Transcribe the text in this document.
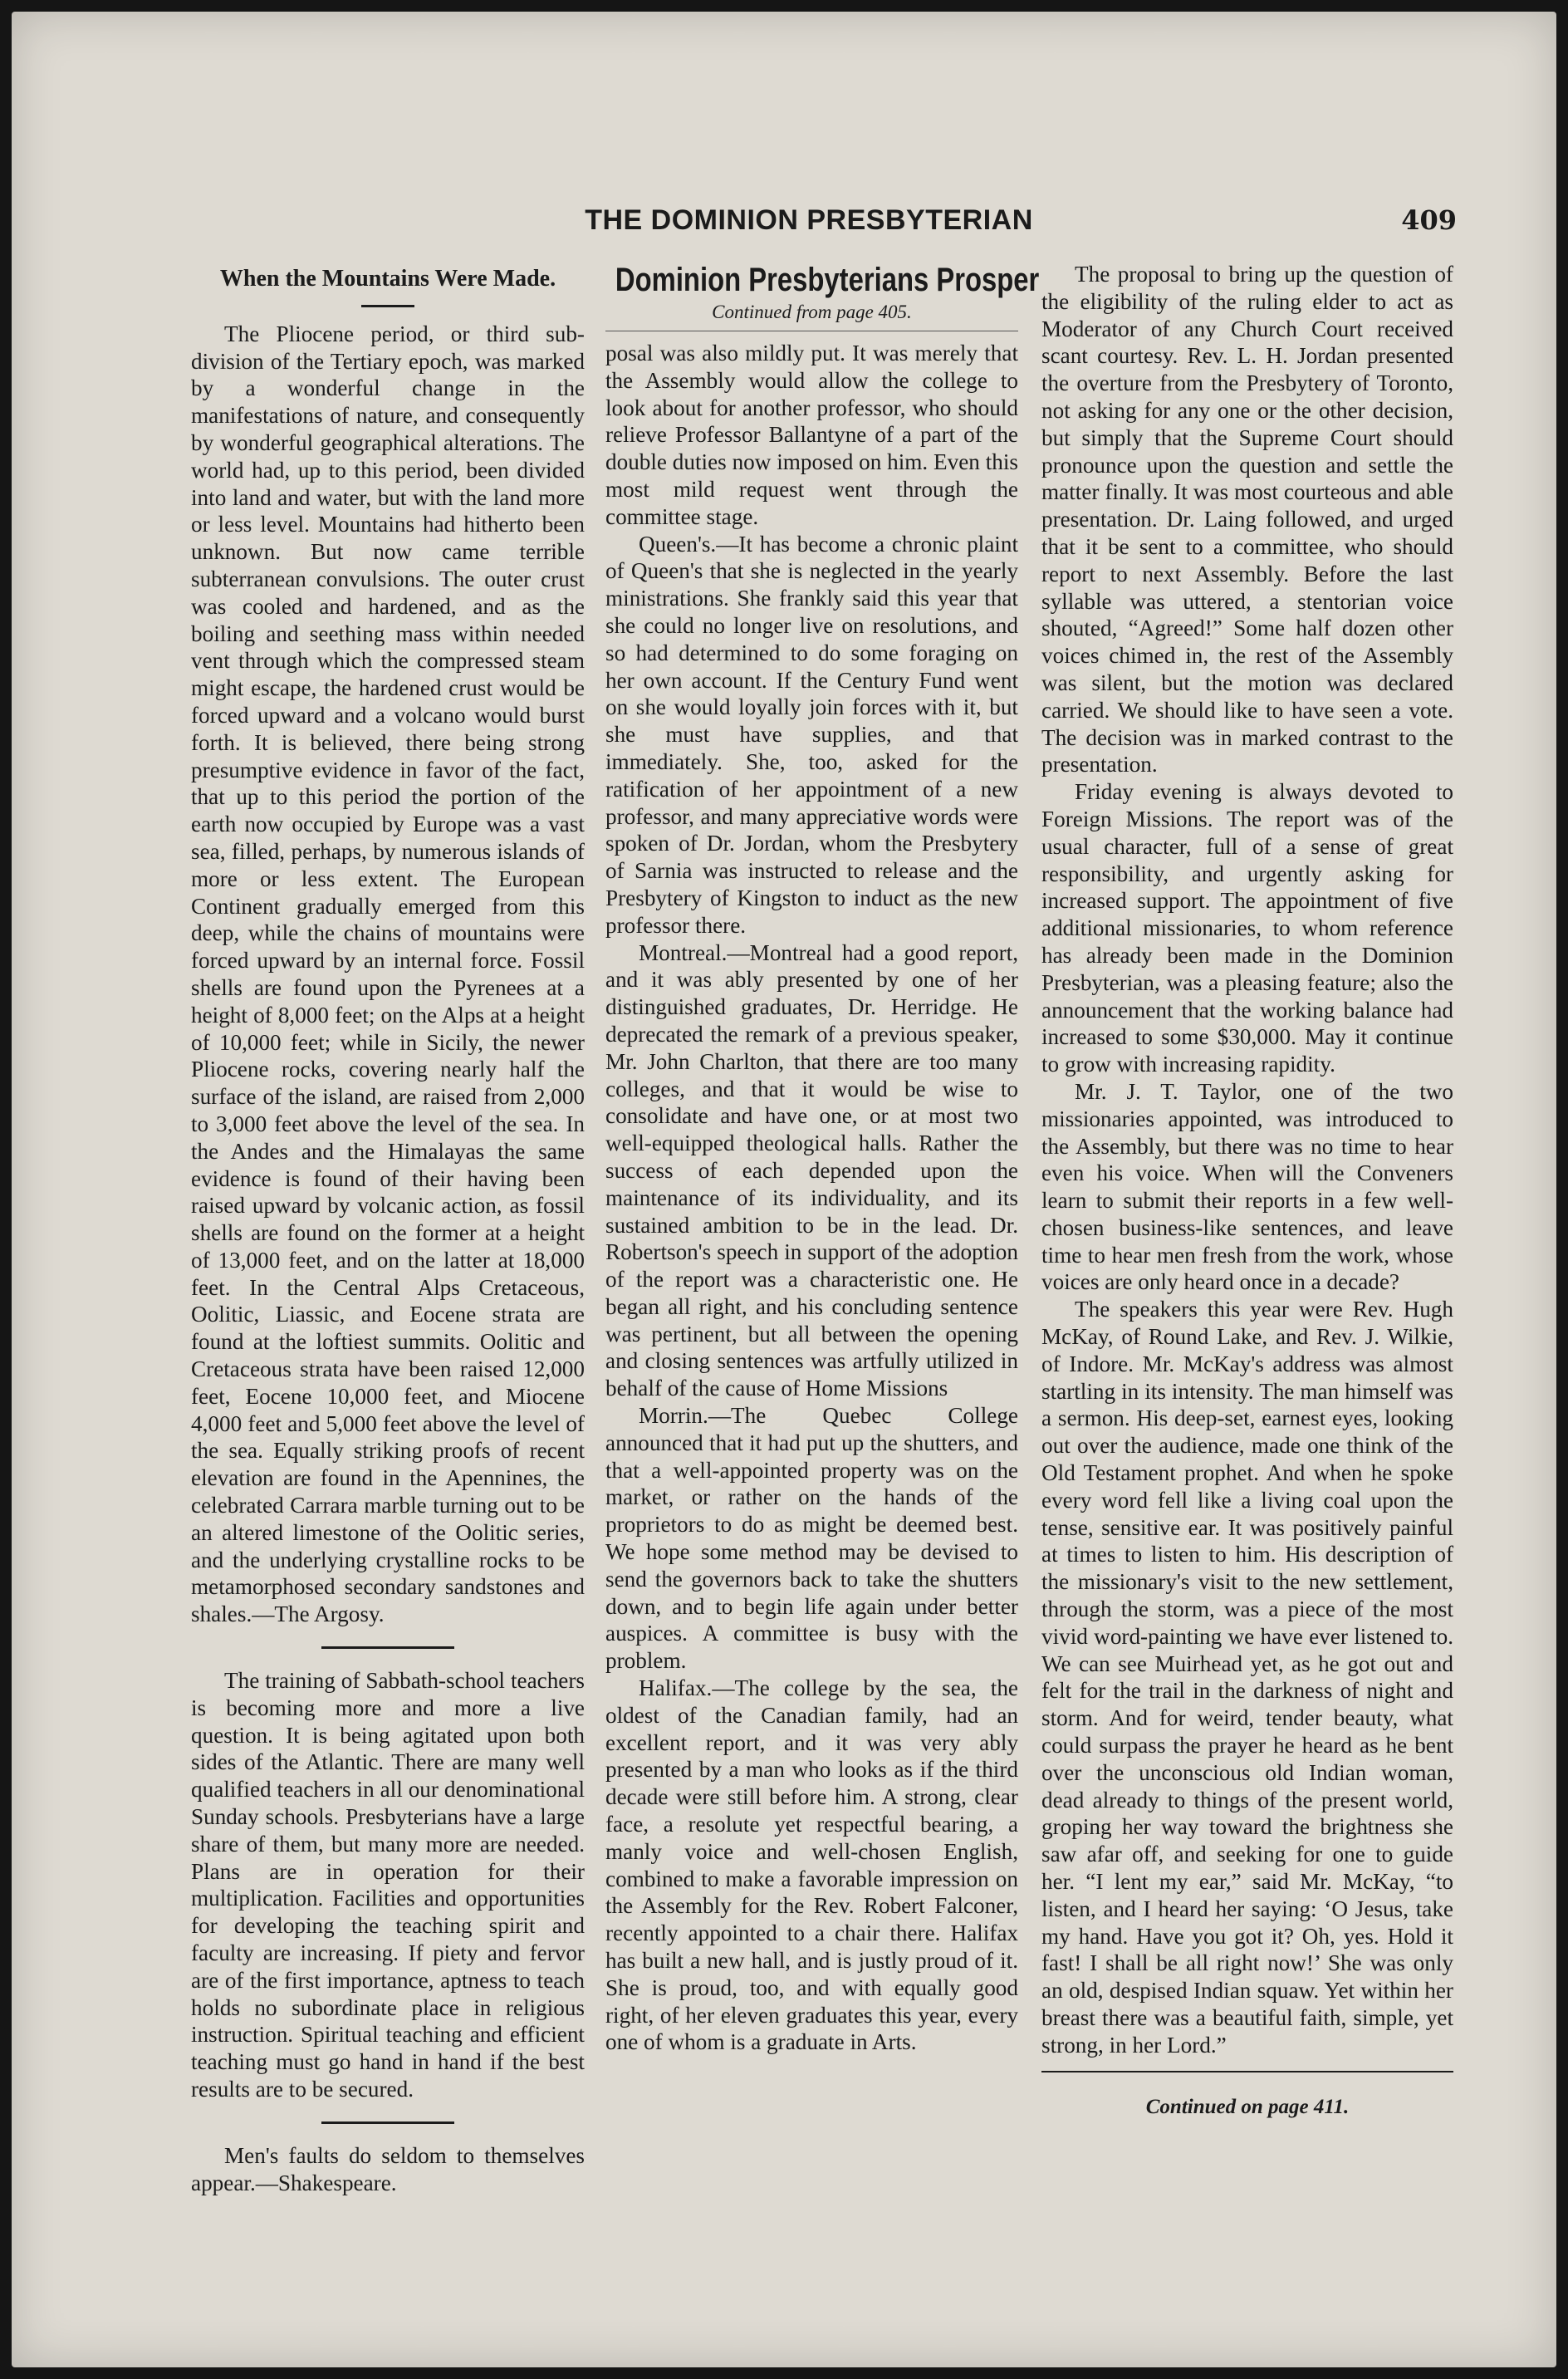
THE DOMINION PRESBYTERIAN	409
When the Mountains Were Made.

The Pliocene period, or third sub-division of the Tertiary epoch, was marked by a wonderful change in the manifestations of nature, and consequently by wonderful geographical alterations. The world had, up to this period, been divided into land and water, but with the land more or less level. Mountains had hitherto been unknown. But now came terrible subterranean convulsions. The outer crust was cooled and hardened, and as the boiling and seething mass within needed vent through which the compressed steam might escape, the hardened crust would be forced upward and a volcano would burst forth. It is believed, there being strong presumptive evidence in favor of the fact, that up to this period the portion of the earth now occupied by Europe was a vast sea, filled, perhaps, by numerous islands of more or less extent. The European Continent gradually emerged from this deep, while the chains of mountains were forced upward by an internal force. Fossil shells are found upon the Pyrenees at a height of 8,000 feet; on the Alps at a height of 10,000 feet; while in Sicily, the newer Pliocene rocks, covering nearly half the surface of the island, are raised from 2,000 to 3,000 feet above the level of the sea. In the Andes and the Himalayas the same evidence is found of their having been raised upward by volcanic action, as fossil shells are found on the former at a height of 13,000 feet, and on the latter at 18,000 feet. In the Central Alps Cretaceous, Oolitic, Liassic, and Eocene strata are found at the loftiest summits. Oolitic and Cretaceous strata have been raised 12,000 feet, Eocene 10,000 feet, and Miocene 4,000 feet and 5,000 feet above the level of the sea. Equally striking proofs of recent elevation are found in the Apennines, the celebrated Carrara marble turning out to be an altered limestone of the Oolitic series, and the underlying crystalline rocks to be metamorphosed secondary sandstones and shales.—The Argosy.

The training of Sabbath-school teachers is becoming more and more a live question. It is being agitated upon both sides of the Atlantic. There are many well qualified teachers in all our denominational Sunday schools. Presbyterians have a large share of them, but many more are needed. Plans are in operation for their multiplication. Facilities and opportunities for developing the teaching spirit and faculty are increasing. If piety and fervor are of the first importance, aptness to teach holds no subordinate place in religious instruction. Spiritual teaching and efficient teaching must go hand in hand if the best results are to be secured.

Men's faults do seldom to themselves appear.—Shakespeare.

Dominion Presbyterians Prosper
Continued from page 405.

posal was also mildly put. It was merely that the Assembly would allow the college to look about for another professor, who should relieve Professor Ballantyne of a part of the double duties now imposed on him. Even this most mild request went through the committee stage.

Queen's.—It has become a chronic plaint of Queen's that she is neglected in the yearly ministrations. She frankly said this year that she could no longer live on resolutions, and so had determined to do some foraging on her own account. If the Century Fund went on she would loyally join forces with it, but she must have supplies, and that immediately. She, too, asked for the ratification of her appointment of a new professor, and many appreciative words were spoken of Dr. Jordan, whom the Presbytery of Sarnia was instructed to release and the Presbytery of Kingston to induct as the new professor there.

Montreal.—Montreal had a good report, and it was ably presented by one of her distinguished graduates, Dr. Herridge. He deprecated the remark of a previous speaker, Mr. John Charlton, that there are too many colleges, and that it would be wise to consolidate and have one, or at most two well-equipped theological halls. Rather the success of each depended upon the maintenance of its individuality, and its sustained ambition to be in the lead. Dr. Robertson's speech in support of the adoption of the report was a characteristic one. He began all right, and his concluding sentence was pertinent, but all between the opening and closing sentences was artfully utilized in behalf of the cause of Home Missions

Morrin.—The Quebec College announced that it had put up the shutters, and that a well-appointed property was on the market, or rather on the hands of the proprietors to do as might be deemed best. We hope some method may be devised to send the governors back to take the shutters down, and to begin life again under better auspices. A committee is busy with the problem.

Halifax.—The college by the sea, the oldest of the Canadian family, had an excellent report, and it was very ably presented by a man who looks as if the third decade were still before him. A strong, clear face, a resolute yet respectful bearing, a manly voice and well-chosen English, combined to make a favorable impression on the Assembly for the Rev. Robert Falconer, recently appointed to a chair there. Halifax has built a new hall, and is justly proud of it. She is proud, too, and with equally good right, of her eleven graduates this year, every one of whom is a graduate in Arts.

The proposal to bring up the question of the eligibility of the ruling elder to act as Moderator of any Church Court received scant courtesy. Rev. L. H. Jordan presented the overture from the Presbytery of Toronto, not asking for any one or the other decision, but simply that the Supreme Court should pronounce upon the question and settle the matter finally. It was most courteous and able presentation. Dr. Laing followed, and urged that it be sent to a committee, who should report to next Assembly. Before the last syllable was uttered, a stentorian voice shouted, “Agreed!” Some half dozen other voices chimed in, the rest of the Assembly was silent, but the motion was declared carried. We should like to have seen a vote. The decision was in marked contrast to the presentation.

Friday evening is always devoted to Foreign Missions. The report was of the usual character, full of a sense of great responsibility, and urgently asking for increased support. The appointment of five additional missionaries, to whom reference has already been made in the Dominion Presbyterian, was a pleasing feature; also the announcement that the working balance had increased to some $30,000. May it continue to grow with increasing rapidity.

Mr. J. T. Taylor, one of the two missionaries appointed, was introduced to the Assembly, but there was no time to hear even his voice. When will the Conveners learn to submit their reports in a few well-chosen business-like sentences, and leave time to hear men fresh from the work, whose voices are only heard once in a decade?

The speakers this year were Rev. Hugh McKay, of Round Lake, and Rev. J. Wilkie, of Indore. Mr. McKay's address was almost startling in its intensity. The man himself was a sermon. His deep-set, earnest eyes, looking out over the audience, made one think of the Old Testament prophet. And when he spoke every word fell like a living coal upon the tense, sensitive ear. It was positively painful at times to listen to him. His description of the missionary's visit to the new settlement, through the storm, was a piece of the most vivid word-painting we have ever listened to. We can see Muirhead yet, as he got out and felt for the trail in the darkness of night and storm. And for weird, tender beauty, what could surpass the prayer he heard as he bent over the unconscious old Indian woman, dead already to things of the present world, groping her way toward the brightness she saw afar off, and seeking for one to guide her. “I lent my ear,” said Mr. McKay, “to listen, and I heard her saying: ‘O Jesus, take my hand. Have you got it? Oh, yes. Hold it fast! I shall be all right now!’ She was only an old, despised Indian squaw. Yet within her breast there was a beautiful faith, simple, yet strong, in her Lord.”

Continued on page 411.
